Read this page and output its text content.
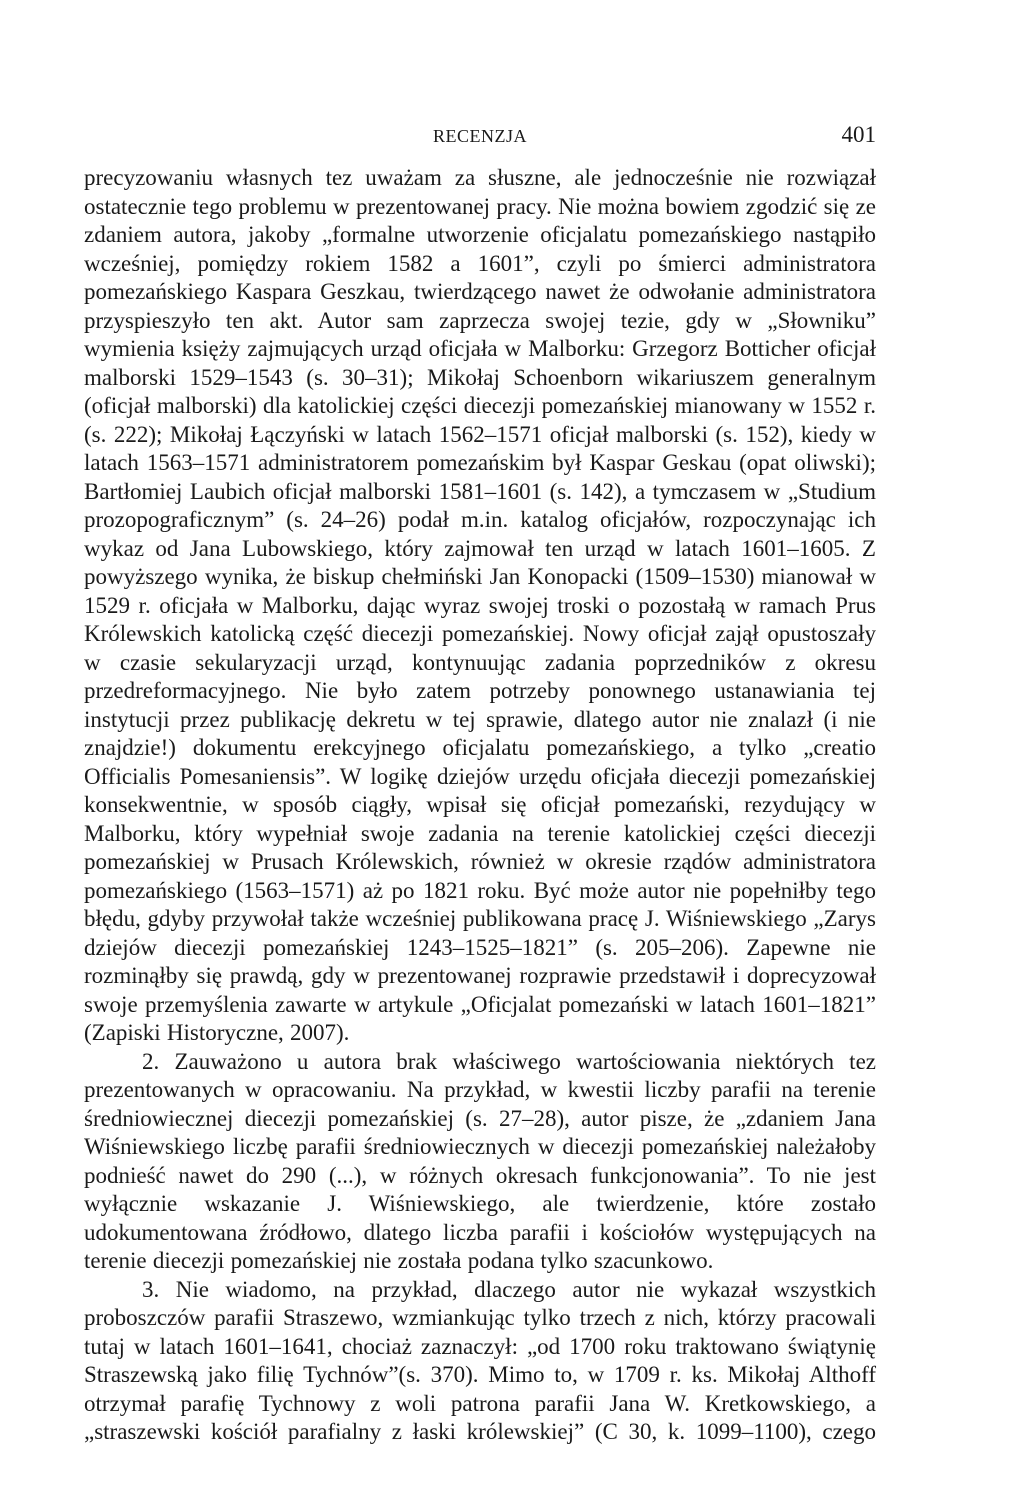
RECENZJA	401

precyzowaniu własnych tez uważam za słuszne, ale jednocześnie nie rozwiązał ostatecznie tego problemu w prezentowanej pracy. Nie można bowiem zgodzić się ze zdaniem autora, jakoby „formalne utworzenie oficjalatu pomezańskiego nastąpiło wcześniej, pomiędzy rokiem 1582 a 1601”, czyli po śmierci administratora pomezańskiego Kaspara Geszkau, twierdzącego nawet że odwołanie administratora przyspieszyło ten akt. Autor sam zaprzecza swojej tezie, gdy w „Słowniku” wymienia księży zajmujących urząd oficjała w Malborku: Grzegorz Botticher oficjał malborski 1529–1543 (s. 30–31); Mikołaj Schoenborn wikariuszem generalnym (oficjał malborski) dla katolickiej części diecezji pomezańskiej mianowany w 1552 r. (s. 222); Mikołaj Łączyński w latach 1562–1571 oficjał malborski (s. 152), kiedy w latach 1563–1571 administratorem pomezańskim był Kaspar Geskau (opat oliwski); Bartłomiej Laubich oficjał malborski 1581–1601 (s. 142), a tymczasem w „Studium prozopograficznym” (s. 24–26) podał m.in. katalog oficjałów, rozpoczynając ich wykaz od Jana Lubowskiego, który zajmował ten urząd w latach 1601–1605. Z powyższego wynika, że biskup chełmiński Jan Konopacki (1509–1530) mianował w 1529 r. oficjała w Malborku, dając wyraz swojej troski o pozostałą w ramach Prus Królewskich katolicką część diecezji pomezańskiej. Nowy oficjał zajął opustoszały w czasie sekularyzacji urząd, kontynuując zadania poprzedników z okresu przedreformacyjnego. Nie było zatem potrzeby ponownego ustanawiania tej instytucji przez publikację dekretu w tej sprawie, dlatego autor nie znalazł (i nie znajdzie!) dokumentu erekcyjnego oficjalatu pomezańskiego, a tylko „creatio Officialis Pomesaniensis”. W logikę dziejów urzędu oficjała diecezji pomezańskiej konsekwentnie, w sposób ciągły, wpisał się oficjał pomezański, rezydujący w Malborku, który wypełniał swoje zadania na terenie katolickiej części diecezji pomezańskiej w Prusach Królewskich, również w okresie rządów administratora pomezańskiego (1563–1571) aż po 1821 roku. Być może autor nie popełniłby tego błędu, gdyby przywołał także wcześniej publikowana pracę J. Wiśniewskiego „Zarys dziejów diecezji pomezańskiej 1243–1525–1821” (s. 205–206). Zapewne nie rozminąłby się prawdą, gdy w prezentowanej rozprawie przedstawił i doprecyzował swoje przemyślenia zawarte w artykule „Oficjalat pomezański w latach 1601–1821” (Zapiski Historyczne, 2007).

2. Zauważono u autora brak właściwego wartościowania niektórych tez prezentowanych w opracowaniu. Na przykład, w kwestii liczby parafii na terenie średniowiecznej diecezji pomezańskiej (s. 27–28), autor pisze, że „zdaniem Jana Wiśniewskiego liczbę parafii średniowiecznych w diecezji pomezańskiej należałoby podnieść nawet do 290 (...), w różnych okresach funkcjonowania”. To nie jest wyłącznie wskazanie J. Wiśniewskiego, ale twierdzenie, które zostało udokumentowana źródłowo, dlatego liczba parafii i kościołów występujących na terenie diecezji pomezańskiej nie została podana tylko szacunkowo.

3. Nie wiadomo, na przykład, dlaczego autor nie wykazał wszystkich proboszczów parafii Straszewo, wzmiankując tylko trzech z nich, którzy pracowali tutaj w latach 1601–1641, chociaż zaznaczył: „od 1700 roku traktowano świątynię Straszewską jako filię Tychnów”(s. 370). Mimo to, w 1709 r. ks. Mikołaj Althoff otrzymał parafię Tychnowy z woli patrona parafii Jana W. Kretkowskiego, a „straszewski kościół parafialny z łaski królewskiej” (C 30, k. 1099–1100), czego
